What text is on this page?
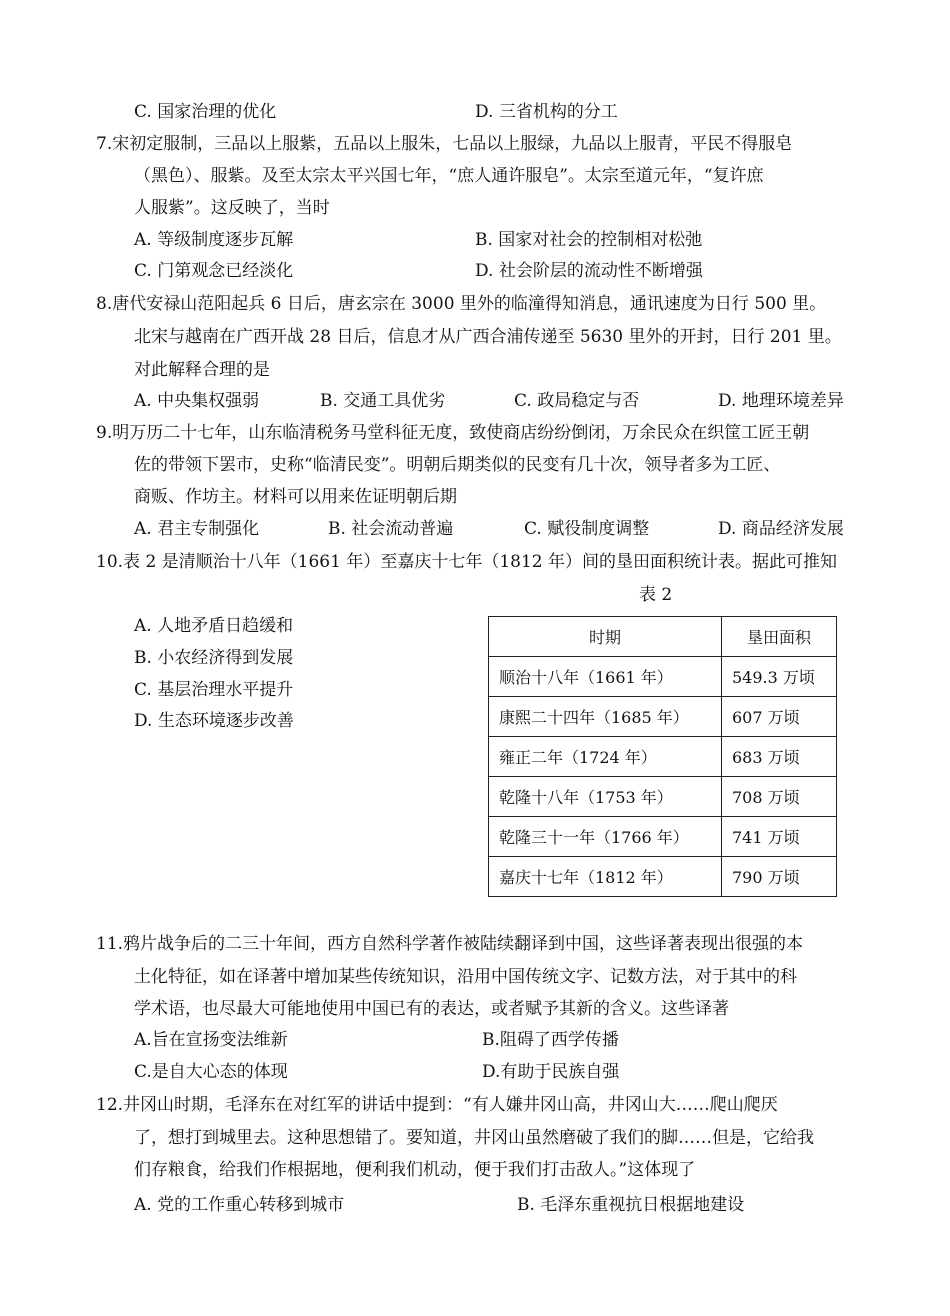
C. 国家治理的优化	D. 三省机构的分工
7.宋初定服制，三品以上服紫，五品以上服朱，七品以上服绿，九品以上服青，平民不得服皂
（黑色）、服紫。及至太宗太平兴国七年，“庶人通许服皂”。太宗至道元年，“复许庶
人服紫”。这反映了，当时
A. 等级制度逐步瓦解	B. 国家对社会的控制相对松弛
C. 门第观念已经淡化	D. 社会阶层的流动性不断增强
8.唐代安禄山范阳起兵 6 日后，唐玄宗在 3000 里外的临潼得知消息，通讯速度为日行 500 里。
北宋与越南在广西开战 28 日后，信息才从广西合浦传递至 5630 里外的开封，日行 201 里。
对此解释合理的是
A. 中央集权强弱	B. 交通工具优劣	C. 政局稳定与否	D. 地理环境差异
9.明万历二十七年，山东临清税务马堂科征无度，致使商店纷纷倒闭，万余民众在织筐工匠王朝
佐的带领下罢市，史称“临清民变”。明朝后期类似的民变有几十次，领导者多为工匠、
商贩、作坊主。材料可以用来佐证明朝后期
A. 君主专制强化	B. 社会流动普遍	C. 赋役制度调整	D. 商品经济发展
10.表 2 是清顺治十八年（1661 年）至嘉庆十七年（1812 年）间的垦田面积统计表。据此可推知
A. 人地矛盾日趋缓和
B. 小农经济得到发展
C. 基层治理水平提升
D. 生态环境逐步改善
表 2
时期	垦田面积
顺治十八年（1661 年）	549.3 万顷
康熙二十四年（1685 年）	607 万顷
雍正二年（1724 年）	683 万顷
乾隆十八年（1753 年）	708 万顷
乾隆三十一年（1766 年）	741 万顷
嘉庆十七年（1812 年）	790 万顷
11.鸦片战争后的二三十年间，西方自然科学著作被陆续翻译到中国，这些译著表现出很强的本
土化特征，如在译著中增加某些传统知识，沿用中国传统文字、记数方法，对于其中的科
学术语，也尽最大可能地使用中国已有的表达，或者赋予其新的含义。这些译著
A.旨在宣扬变法维新	B.阻碍了西学传播
C.是自大心态的体现	D.有助于民族自强
12.井冈山时期，毛泽东在对红军的讲话中提到：“有人嫌井冈山高，井冈山大……爬山爬厌
了，想打到城里去。这种思想错了。要知道，井冈山虽然磨破了我们的脚……但是，它给我
们存粮食，给我们作根据地，便利我们机动，便于我们打击敌人。”这体现了
A. 党的工作重心转移到城市	B. 毛泽东重视抗日根据地建设
